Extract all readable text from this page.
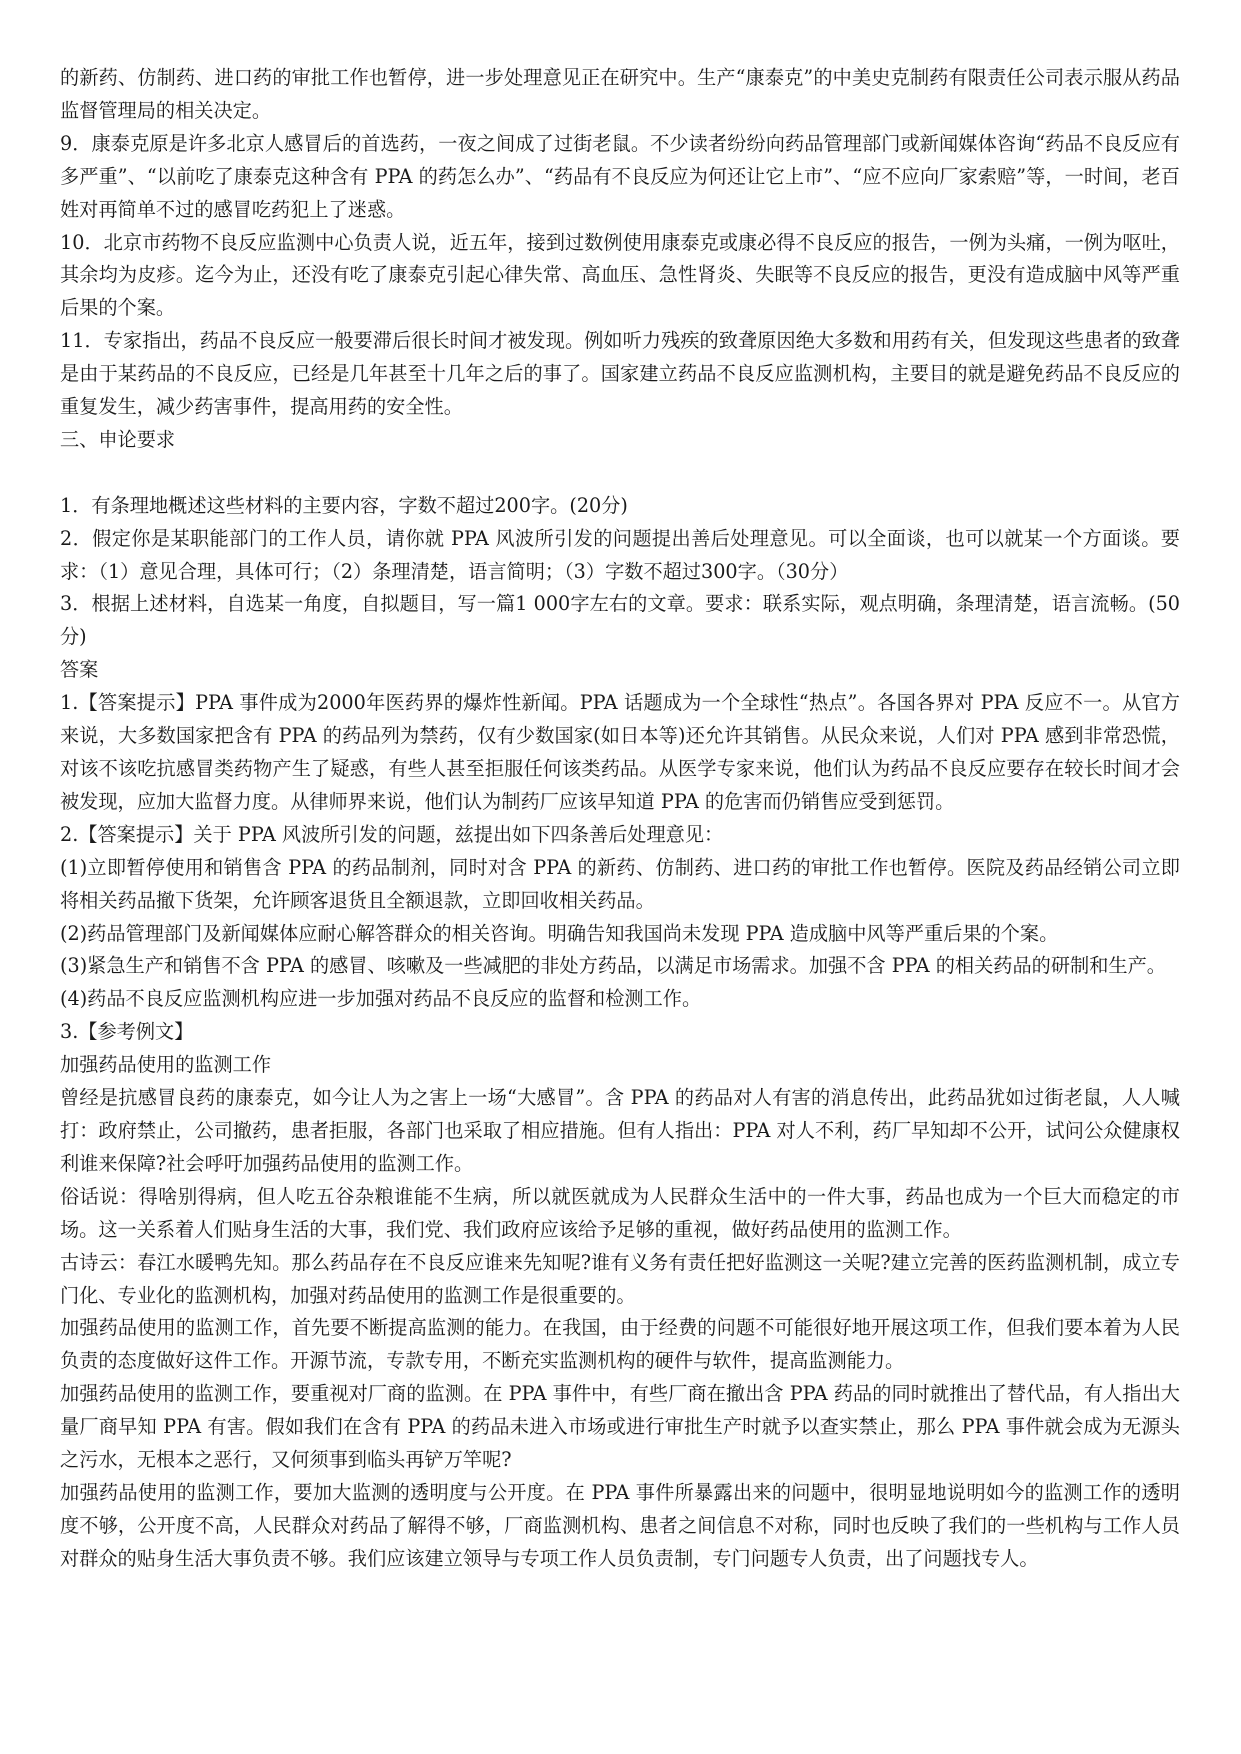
的新药、仿制药、进口药的审批工作也暂停，进一步处理意见正在研究中。生产“康泰克”的中美史克制药有限责任公司表示服从药品监督管理局的相关决定。

9．康泰克原是许多北京人感冒后的首选药，一夜之间成了过街老鼠。不少读者纷纷向药品管理部门或新闻媒体咨询“药品不良反应有多严重”、“以前吃了康泰克这种含有 PPA 的药怎么办”、“药品有不良反应为何还让它上市”、“应不应向厂家索赔”等，一时间，老百姓对再简单不过的感冒吃药犯上了迷惑。

10．北京市药物不良反应监测中心负责人说，近五年，接到过数例使用康泰克或康必得不良反应的报告，一例为头痛，一例为呕吐，其余均为皮疹。迄今为止，还没有吃了康泰克引起心律失常、高血压、急性肾炎、失眠等不良反应的报告，更没有造成脑中风等严重后果的个案。

11．专家指出，药品不良反应一般要滞后很长时间才被发现。例如听力残疾的致聋原因绝大多数和用药有关，但发现这些患者的致聋是由于某药品的不良反应，已经是几年甚至十几年之后的事了。国家建立药品不良反应监测机构，主要目的就是避免药品不良反应的重复发生，减少药害事件，提高用药的安全性。

三、申论要求

1．有条理地概述这些材料的主要内容，字数不超过200字。(20分)

2．假定你是某职能部门的工作人员，请你就 PPA 风波所引发的问题提出善后处理意见。可以全面谈，也可以就某一个方面谈。要求：（1）意见合理，具体可行；（2）条理清楚，语言简明；（3）字数不超过300字。（30分）

3．根据上述材料，自选某一角度，自拟题目，写一篇1 000字左右的文章。要求：联系实际，观点明确，条理清楚，语言流畅。(50分)

答案

1.【答案提示】PPA 事件成为2000年医药界的爆炸性新闻。PPA 话题成为一个全球性“热点”。各国各界对 PPA 反应不一。从官方来说，大多数国家把含有 PPA 的药品列为禁药，仅有少数国家(如日本等)还允许其销售。从民众来说，人们对 PPA 感到非常恐慌，对该不该吃抗感冒类药物产生了疑惑，有些人甚至拒服任何该类药品。从医学专家来说，他们认为药品不良反应要存在较长时间才会被发现，应加大监督力度。从律师界来说，他们认为制药厂应该早知道 PPA 的危害而仍销售应受到惩罚。

2.【答案提示】关于 PPA 风波所引发的问题，兹提出如下四条善后处理意见：

(1)立即暂停使用和销售含 PPA 的药品制剂，同时对含 PPA 的新药、仿制药、进口药的审批工作也暂停。医院及药品经销公司立即将相关药品撤下货架，允许顾客退货且全额退款，立即回收相关药品。

(2)药品管理部门及新闻媒体应耐心解答群众的相关咨询。明确告知我国尚未发现 PPA 造成脑中风等严重后果的个案。

(3)紧急生产和销售不含 PPA 的感冒、咳嗽及一些减肥的非处方药品，以满足市场需求。加强不含 PPA 的相关药品的研制和生产。

(4)药品不良反应监测机构应进一步加强对药品不良反应的监督和检测工作。

3.【参考例文】

加强药品使用的监测工作

曾经是抗感冒良药的康泰克，如今让人为之害上一场“大感冒”。含 PPA 的药品对人有害的消息传出，此药品犹如过街老鼠，人人喊打：政府禁止，公司撤药，患者拒服，各部门也采取了相应措施。但有人指出：PPA 对人不利，药厂早知却不公开，试问公众健康权利谁来保障?社会呼吁加强药品使用的监测工作。

俗话说：得啥别得病，但人吃五谷杂粮谁能不生病，所以就医就成为人民群众生活中的一件大事，药品也成为一个巨大而稳定的市场。这一关系着人们贴身生活的大事，我们党、我们政府应该给予足够的重视，做好药品使用的监测工作。

古诗云：春江水暖鸭先知。那么药品存在不良反应谁来先知呢?谁有义务有责任把好监测这一关呢?建立完善的医药监测机制，成立专门化、专业化的监测机构，加强对药品使用的监测工作是很重要的。

加强药品使用的监测工作，首先要不断提高监测的能力。在我国，由于经费的问题不可能很好地开展这项工作，但我们要本着为人民负责的态度做好这件工作。开源节流，专款专用，不断充实监测机构的硬件与软件，提高监测能力。

加强药品使用的监测工作，要重视对厂商的监测。在 PPA 事件中，有些厂商在撤出含 PPA 药品的同时就推出了替代品，有人指出大量厂商早知 PPA 有害。假如我们在含有 PPA 的药品未进入市场或进行审批生产时就予以查实禁止，那么 PPA 事件就会成为无源头之污水，无根本之恶行，又何须事到临头再铲万竿呢?

加强药品使用的监测工作，要加大监测的透明度与公开度。在 PPA 事件所暴露出来的问题中，很明显地说明如今的监测工作的透明度不够，公开度不高，人民群众对药品了解得不够，厂商监测机构、患者之间信息不对称，同时也反映了我们的一些机构与工作人员对群众的贴身生活大事负责不够。我们应该建立领导与专项工作人员负责制，专门问题专人负责，出了问题找专人。
